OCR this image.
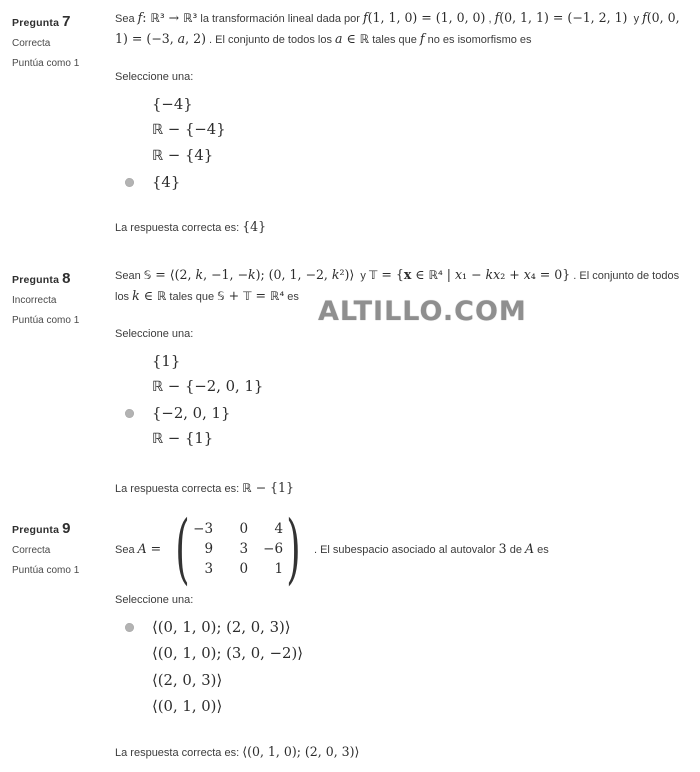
Pregunta 7
Correcta
Puntúa como 1
Sea f: ℝ³ → ℝ³ la transformación lineal dada por f(1, 1, 0) = (1, 0, 0) , f(0, 1, 1) = (−1, 2, 1)  y f(0, 0, 1) = (−3, a, 2) . El conjunto de todos los a ∈ ℝ tales que f no es isomorfismo es
Seleccione una:
{−4}
ℝ − {−4}
ℝ − {4}
{4}
La respuesta correcta es: {4}
ALTILLO.COM
Pregunta 8
Incorrecta
Puntúa como 1
Sean 𝕊 = ⟨(2, k, −1, −k); (0, 1, −2, k²)⟩  y 𝕋 = {x ∈ ℝ⁴ | x₁ − kx₂ + x₄ = 0} . El conjunto de todos los k ∈ ℝ tales que 𝕊 + 𝕋 = ℝ⁴ es
Seleccione una:
{1}
ℝ − {−2, 0, 1}
{−2, 0, 1}
ℝ − {1}
La respuesta correcta es: ℝ − {1}
Pregunta 9
Correcta
Puntúa como 1
Sea A = ( −3	0	4
9	3 −6
3	0	1 ) . El subespacio asociado al autovalor 3 de A es
Seleccione una:
⟨(0, 1, 0); (2, 0, 3)⟩
⟨(0, 1, 0); (3, 0, −2)⟩
⟨(2, 0, 3)⟩
⟨(0, 1, 0)⟩
La respuesta correcta es: ⟨(0, 1, 0); (2, 0, 3)⟩
